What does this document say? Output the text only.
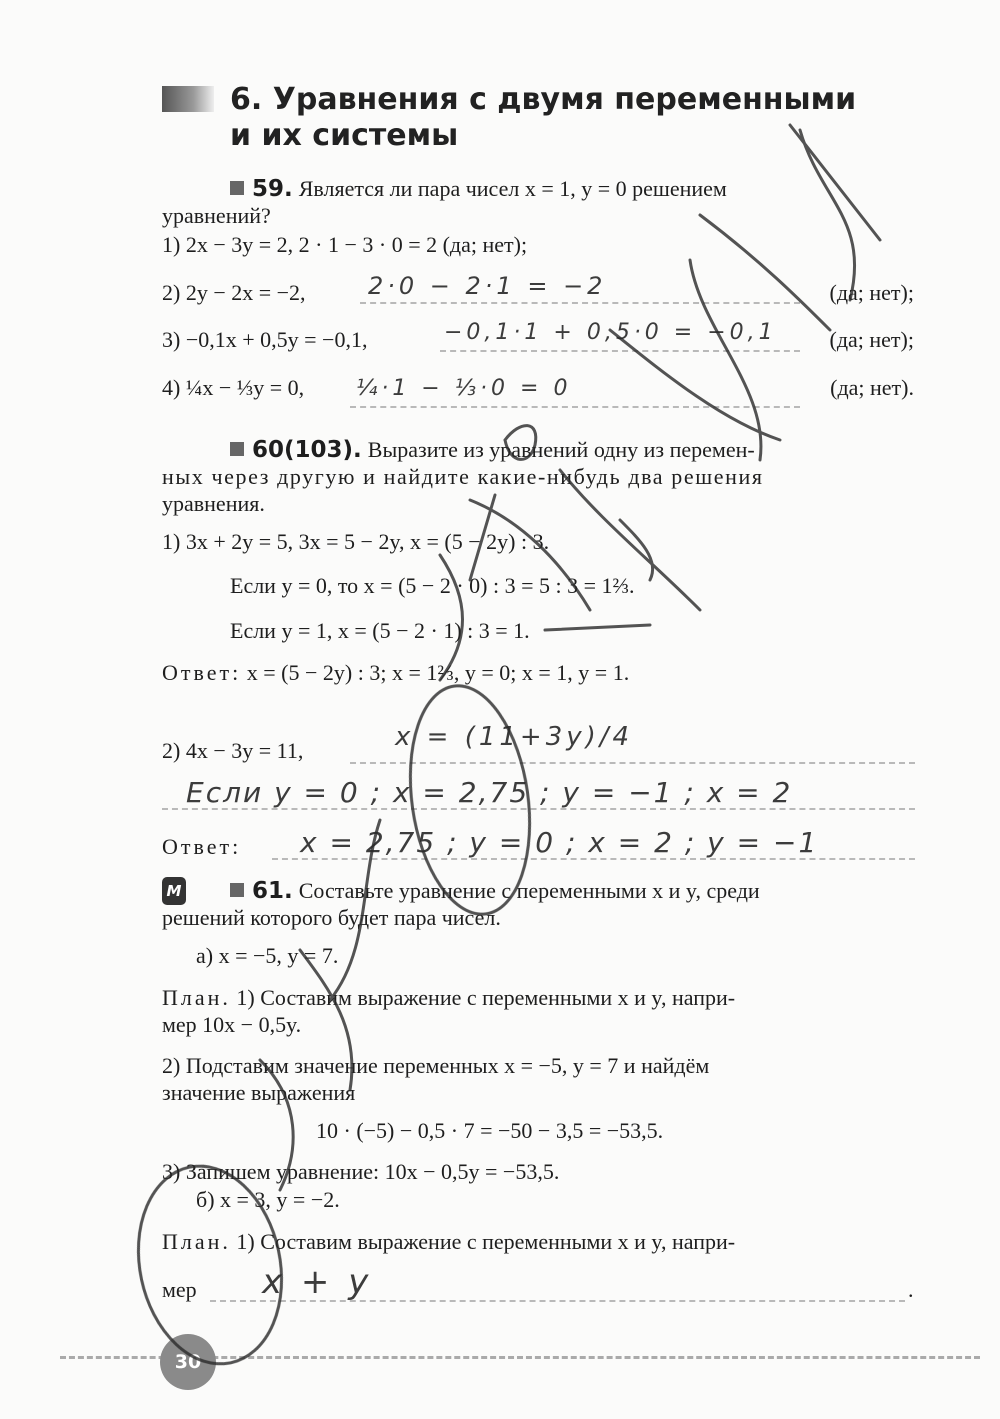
6. Уравнения с двумя переменными
и их системы
59. Является ли пара чисел x = 1, y = 0 решением
уравнений?
1) 2x − 3y = 2, 2 · 1 − 3 · 0 = 2 (да; нет);
2) 2y − 2x = −2,	2·0 − 2·1 = −2	(да; нет);
3) −0,1x + 0,5y = −0,1,	−0,1·1 + 0,5·0 = −0,1 (да; нет);
4) ¼x − ⅓y = 0, ¼·1 − ⅓·0 = 0	(да; нет).
60(103). Выразите из уравнений одну из перемен-
ных через другую и найдите какие-нибудь два решения
уравнения.
1) 3x + 2y = 5, 3x = 5 − 2y, x = (5 − 2y) : 3.
Если y = 0, то x = (5 − 2 · 0) : 3 = 5 : 3 = 1⅔.
Если y = 1, x = (5 − 2 · 1) : 3 = 1.
Ответ: x = (5 − 2y) : 3; x = 1⅔, y = 0; x = 1, y = 1.
2) 4x − 3y = 11,	x = (11+3y)/4
Если y = 0 ; x = 2,75 ; y = −1 ; x = 2
Ответ: x = 2,75 ; y = 0 ; x = 2 ; y = −1
М	61. Составьте уравнение с переменными x и y, среди
решений которого будет пара чисел.
а) x = −5, y = 7.
План. 1) Составим выражение с переменными x и y, напри-
мер 10x − 0,5y.
2) Подставим значение переменных x = −5, y = 7 и найдём
значение выражения
10 · (−5) − 0,5 · 7 = −50 − 3,5 = −53,5.
3) Запишем уравнение: 10x − 0,5y = −53,5.
б) x = 3, y = −2.
План. 1) Составим выражение с переменными x и y, напри-
мер x + y	.
30
